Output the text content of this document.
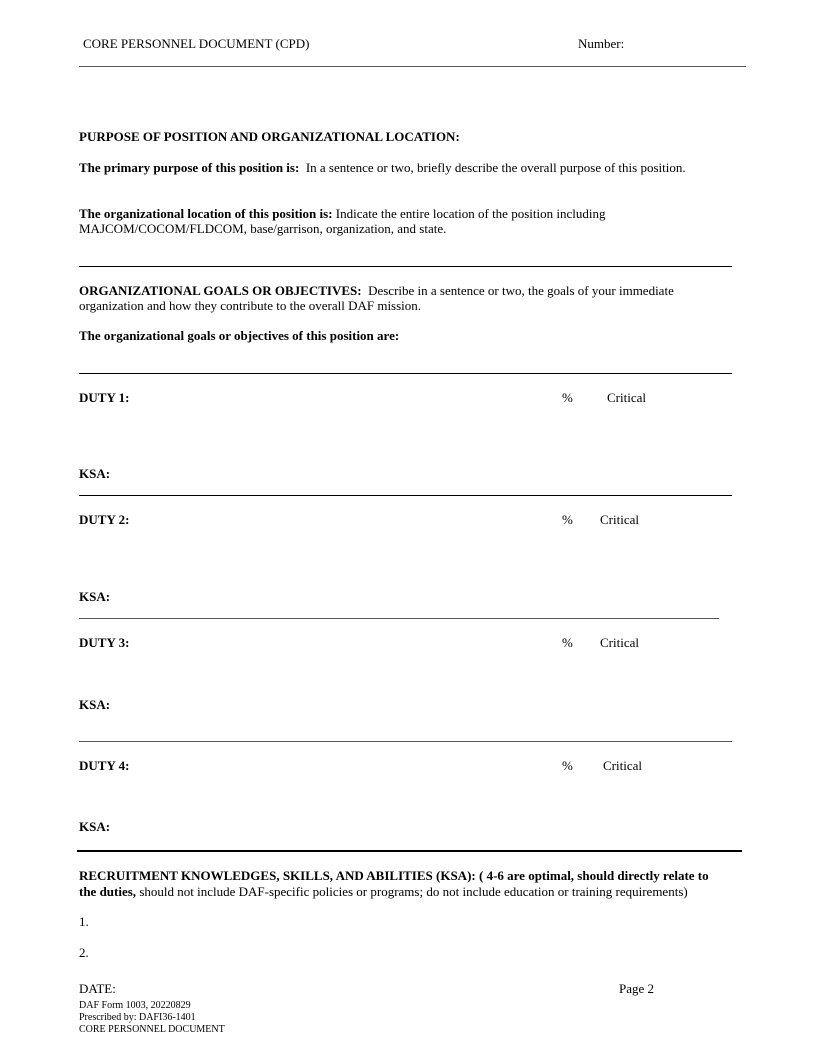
CORE PERSONNEL DOCUMENT (CPD)	Number:
PURPOSE OF POSITION AND ORGANIZATIONAL LOCATION:
The primary purpose of this position is: In a sentence or two, briefly describe the overall purpose of this position.
The organizational location of this position is: Indicate the entire location of the position including
MAJCOM/COCOM/FLDCOM, base/garrison, organization, and state.
ORGANIZATIONAL GOALS OR OBJECTIVES: Describe in a sentence or two, the goals of your immediate
organization and how they contribute to the overall DAF mission.
The organizational goals or objectives of this position are:
DUTY 1:	%	Critical
KSA:
DUTY 2:	% Critical
KSA:
DUTY 3:	% Critical
KSA:
DUTY 4:	% Critical
KSA:
RECRUITMENT KNOWLEDGES, SKILLS, AND ABILITIES (KSA): ( 4-6 are optimal, should directly relate to
the duties, should not include DAF-specific policies or programs; do not include education or training requirements)
1.
2.
DATE:	Page 2
DAF Form 1003, 20220829
Prescribed by: DAFI36-1401
CORE PERSONNEL DOCUMENT
